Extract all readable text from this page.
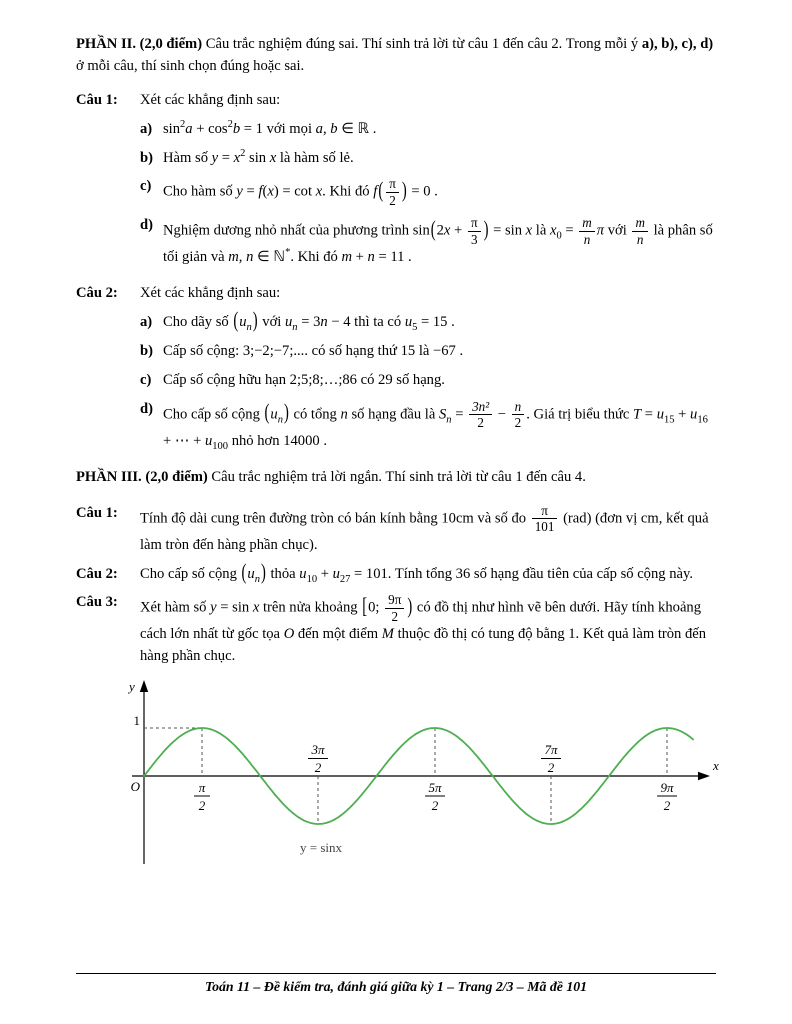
PHẦN II. (2,0 điểm) Câu trắc nghiệm đúng sai. Thí sinh trả lời từ câu 1 đến câu 2. Trong mỗi ý a), b), c), d) ở mỗi câu, thí sinh chọn đúng hoặc sai.

Câu 1:	Xét các khẳng định sau:

a) $\sin^2a + \cos^2b = 1$ với mọi a, b ∈ ℝ .
b) Hàm số $y = x^2$ sin x là hàm số lẻ.
c) Cho hàm số y = f(x) = cot x. Khi đó $f( \frac{\pi}{2}$ ) = 0 .
d) Nghiệm dương nhỏ nhất của phương trình $\sin(2x + \frac{\pi}{3}$ ) = sin x là $x_0 = \frac{m}{n}$ π với $\frac{m}{n}$ là phân số tối giản và m, n ∈ ℕ*. Khi đó m + n = 11 .
Câu 2:	Xét các khẳng định sau:

a) Cho dãy số $(u_n)$ với $u_n = 3n - 4$ thì ta có $u_5 = 15$ .
b) Cấp số cộng: 3;−2;−7;.... có số hạng thứ 15 là −67 .
c) Cấp số cộng hữu hạn 2;5;8;…;86 có 29 số hạng.
d) Cho cấp số cộng $(u_n)$ có tổng n số hạng đầu là $S_n = \frac{\text{3n²}}{2} - \frac{n}{2}$ . Giá trị biểu thức $T = u_{15} + u_{16}$ + ⋯ + $u_{100}$ nhỏ hơn 14000 .

PHẦN III. (2,0 điểm) Câu trắc nghiệm trả lời ngắn. Thí sinh trả lời từ câu 1 đến câu 4.

Câu 1:	Tính độ dài cung trên đường tròn có bán kính bằng 10cm và số đo $\frac{\pi}{101} (rad)$ (đơn vị cm, kết quả làm tròn đến hàng phần chục).
Câu 2:	Cho cấp số cộng $(u_n)$ thỏa $u_{10} + u_{27} = 101$. Tính tổng 36 số hạng đầu tiên của cấp số cộng này.
Câu 3:	Xét hàm số y = sin x trên nửa khoảng [0; $\frac{9\pi}{2}$ ) có đồ thị như hình vẽ bên dưới. Hãy tính khoảng cách lớn nhất từ gốc tọa O đến một điểm M thuộc đồ thị có tung độ bằng 1. Kết quả làm tròn đến hàng phần chục.
x
y
O
1
π
2
5π
2
9π
2
3π
2
7π
2
y = sinx
Toán 11 – Đề kiểm tra, đánh giá giữa kỳ 1 – Trang 2/3 – Mã đề 101
